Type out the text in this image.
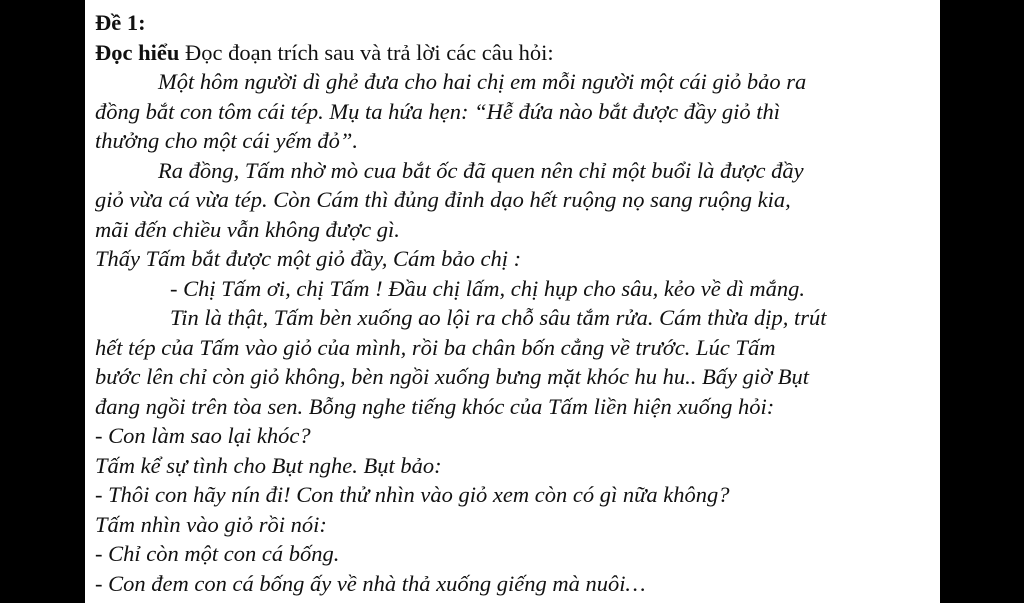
Đề 1:
Đọc hiểu Đọc đoạn trích sau và trả lời các câu hỏi:
Một hôm người dì ghẻ đưa cho hai chị em mỗi người một cái giỏ bảo ra
đồng bắt con tôm cái tép. Mụ ta hứa hẹn: “Hễ đứa nào bắt được đầy giỏ thì
thưởng cho một cái yếm đỏ”.
Ra đồng, Tấm nhờ mò cua bắt ốc đã quen nên chỉ một buổi là được đầy
giỏ vừa cá vừa tép. Còn Cám thì đủng đỉnh dạo hết ruộng nọ sang ruộng kia,
mãi đến chiều vẫn không được gì.
Thấy Tấm bắt được một giỏ đầy, Cám bảo chị :
- Chị Tấm ơi, chị Tấm ! Đầu chị lấm, chị hụp cho sâu, kẻo về dì mắng.
Tin là thật, Tấm bèn xuống ao lội ra chỗ sâu tắm rửa. Cám thừa dịp, trút
hết tép của Tấm vào giỏ của mình, rồi ba chân bốn cẳng về trước. Lúc Tấm
bước lên chỉ còn giỏ không, bèn ngồi xuống bưng mặt khóc hu hu.. Bấy giờ Bụt
đang ngồi trên tòa sen. Bỗng nghe tiếng khóc của Tấm liền hiện xuống hỏi:
- Con làm sao lại khóc?
Tấm kể sự tình cho Bụt nghe. Bụt bảo:
- Thôi con hãy nín đi! Con thử nhìn vào giỏ xem còn có gì nữa không?
Tấm nhìn vào giỏ rồi nói:
- Chỉ còn một con cá bống.
- Con đem con cá bống ấy về nhà thả xuống giếng mà nuôi…
